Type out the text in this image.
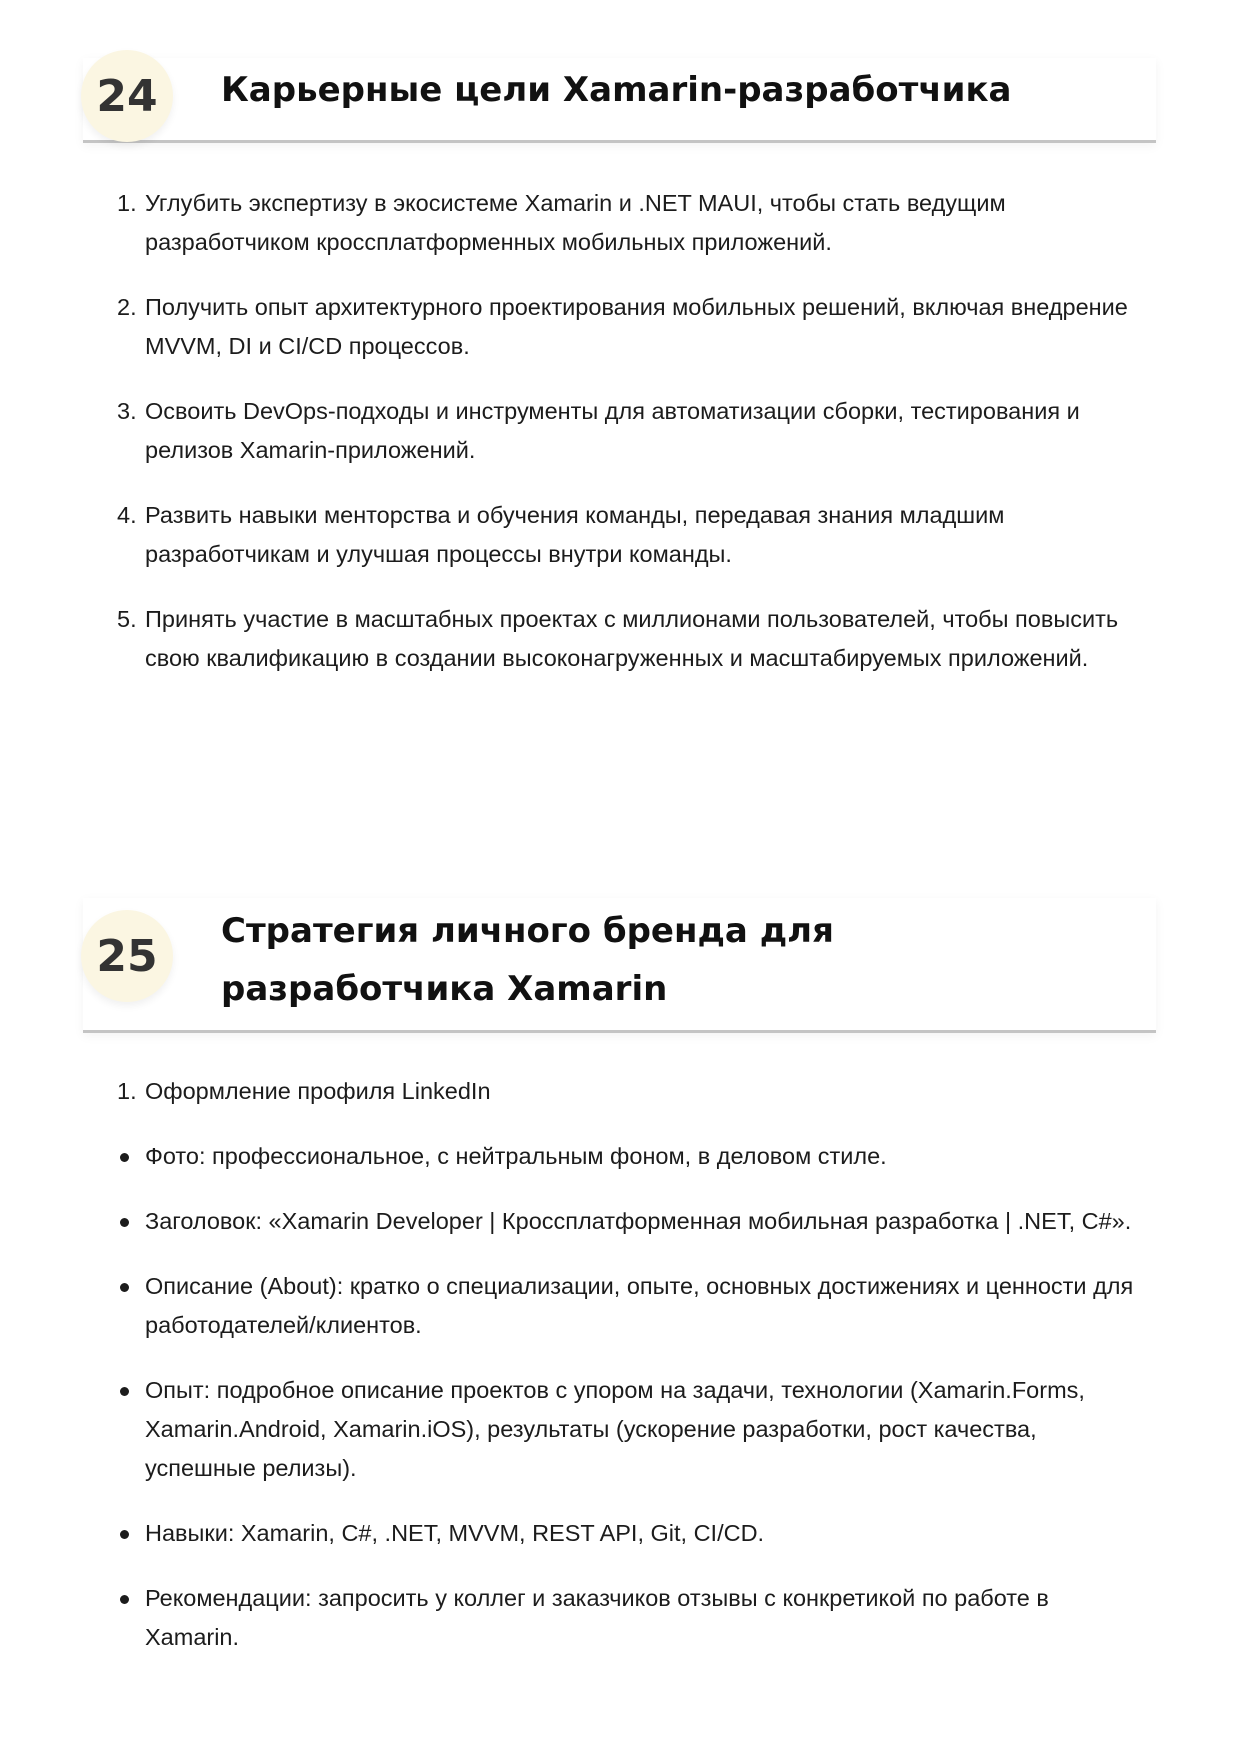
24	Карьерные цели Xamarin-разработчика
1. Углубить экспертизу в экосистеме Xamarin и .NET MAUI, чтобы стать ведущим разработчиком кроссплатформенных мобильных приложений.
2. Получить опыт архитектурного проектирования мобильных решений, включая внедрение MVVM, DI и CI/CD процессов.
3. Освоить DevOps-подходы и инструменты для автоматизации сборки, тестирования и релизов Xamarin-приложений.
4. Развить навыки менторства и обучения команды, передавая знания младшим разработчикам и улучшая процессы внутри команды.
5. Принять участие в масштабных проектах с миллионами пользователей, чтобы повысить свою квалификацию в создании высоконагруженных и масштабируемых приложений.
25	Стратегия личного бренда для разработчика Xamarin
1. Оформление профиля LinkedIn
Фото: профессиональное, с нейтральным фоном, в деловом стиле.
Заголовок: «Xamarin Developer | Кроссплатформенная мобильная разработка | .NET, C#».
Описание (About): кратко о специализации, опыте, основных достижениях и ценности для работодателей/клиентов.
Опыт: подробное описание проектов с упором на задачи, технологии (Xamarin.Forms, Xamarin.Android, Xamarin.iOS), результаты (ускорение разработки, рост качества, успешные релизы).
Навыки: Xamarin, C#, .NET, MVVM, REST API, Git, CI/CD.
Рекомендации: запросить у коллег и заказчиков отзывы с конкретикой по работе в Xamarin.
